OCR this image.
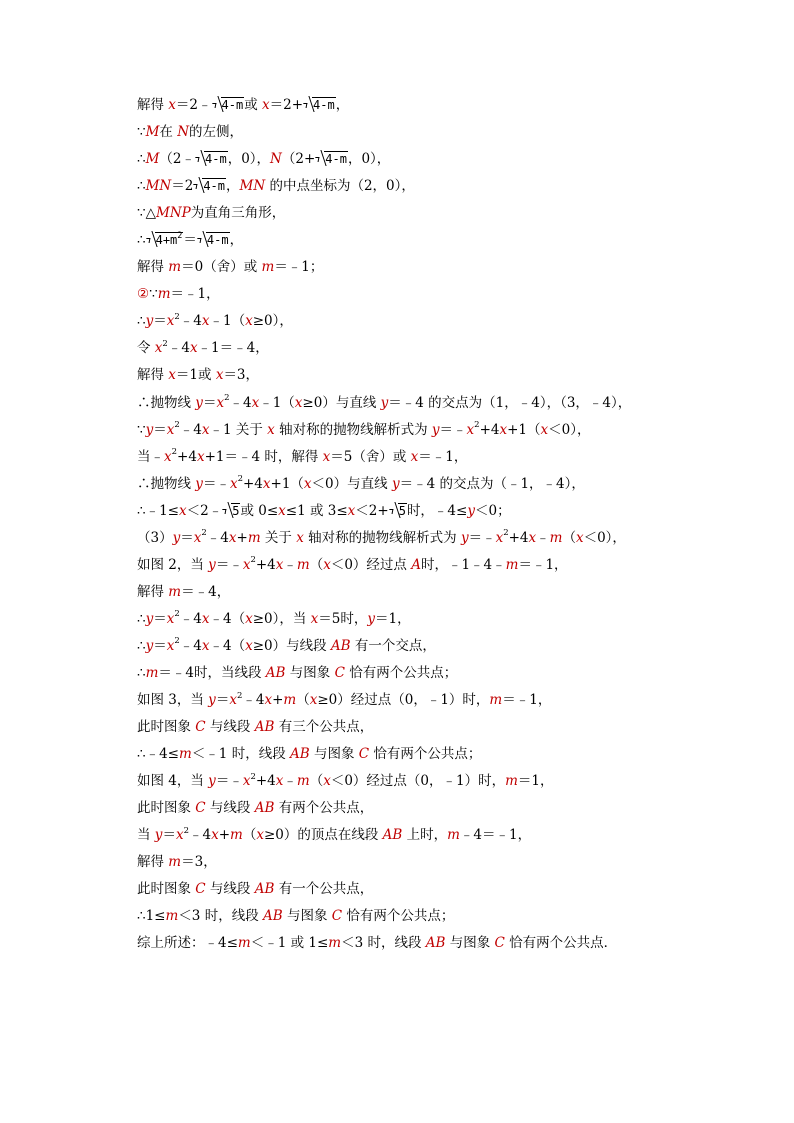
解得 x＝2﹣ 4-m或 x＝2+ 4-m，
∵M在 N的左侧，
∴M（2﹣ 4-m，0），N（2+ 4-m，0），
∴MN＝2 4-m，MN 的中点坐标为（2，0），
∵△MNP为直角三角形，
∴ $4+m^2= 4-m$，
解得 m＝0（舍）或 m＝﹣1；
②∵m＝﹣1，
$\therefore y=x^2﹣4x﹣1(x\ge 0)$，
令 $x^2﹣4x﹣1=﹣4$，
解得 x＝1或 x＝3，
∴抛物线 $y=x^2﹣4x﹣1(x\ge 0)$与直线 y＝﹣4 的交点为（1，﹣4），（3，﹣4），
$\because y=x^2﹣4x﹣1$ 关于 x 轴对称的抛物线解析式为 $y=﹣x^2+4x+1(x<0)$，
当$﹣x^2+4x+1=﹣4$ 时，解得 x＝5（舍）或 x＝﹣1，
∴抛物线 $y=﹣x^2+4x+1(x<0)$与直线 y＝﹣4 的交点为（﹣1，﹣4），
∴﹣1≤x＜2﹣ 5或 0≤x≤1 或 3≤x＜2+ 5时，﹣4≤y＜0；
$(3)y=x^2﹣4x+m$ 关于 x 轴对称的抛物线解析式为 $y=﹣x^2+4x﹣m(x<0)$，
如图 2，当 $y=﹣x^2+4x﹣m(x<0)$经过点 A时，﹣1﹣4﹣m＝﹣1，
解得 m＝﹣4，
$\therefore y=x^2﹣4x﹣4(x\ge 0)$，当 x＝5时，y＝1，
$\therefore y=x^2﹣4x﹣4(x\ge 0)$与线段 AB 有一个交点，
∴m＝﹣4时，当线段 AB 与图象 C 恰有两个公共点；
如图 3，当 $y=x^2﹣4x+m(x\ge 0)$经过点（0，﹣1）时，m＝﹣1，
此时图象 C 与线段 AB 有三个公共点，
∴﹣4≤m＜﹣1 时，线段 AB 与图象 C 恰有两个公共点；
如图 4，当 $y=﹣x^2+4x﹣m(x<0)$经过点（0，﹣1）时，m＝1，
此时图象 C 与线段 AB 有两个公共点，
当 $y=x^2﹣4x+m(x\ge 0)$的顶点在线段 AB 上时，m﹣4＝﹣1，
解得 m＝3，
此时图象 C 与线段 AB 有一个公共点，
∴1≤m＜3 时，线段 AB 与图象 C 恰有两个公共点；
综上所述：﹣4≤m＜﹣1 或 1≤m＜3 时，线段 AB 与图象 C 恰有两个公共点．
